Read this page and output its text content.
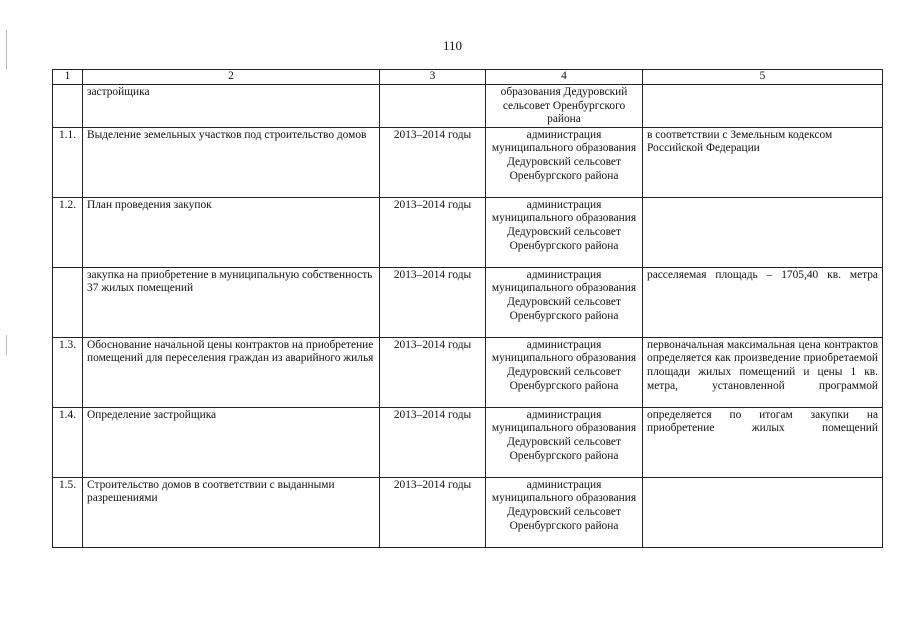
110
1	2	3	4	5
	застройщика		образования Дедуровский сельсовет Оренбургского района	
1.1.	Выделение земельных участков под строительство домов	2013–2014 годы	администрация муниципального образования Дедуровский сельсовет Оренбургского района	в соответствии с Земельным кодексом Российской Федерации
1.2.	План проведения закупок	2013–2014 годы	администрация муниципального образования Дедуровский сельсовет Оренбургского района	
	закупка на приобретение в муниципальную собственность 37 жилых помещений	2013–2014 годы	администрация муниципального образования Дедуровский сельсовет Оренбургского района	расселяемая площадь – 1705,40 кв. метра
1.3.	Обоснование начальной цены контрактов на приобретение помещений для переселения граждан из аварийного жилья	2013–2014 годы	администрация муниципального образования Дедуровский сельсовет Оренбургского района	первоначальная максимальная цена контрактов определяется как произведение приобретаемой площади жилых помещений и цены 1 кв. метра, установленной программой
1.4.	Определение застройщика	2013–2014 годы	администрация муниципального образования Дедуровский сельсовет Оренбургского района	определяется по итогам закупки на приобретение жилых помещений
1.5.	Строительство домов в соответствии с выданными разрешениями	2013–2014 годы	администрация муниципального образования Дедуровский сельсовет Оренбургского района	
